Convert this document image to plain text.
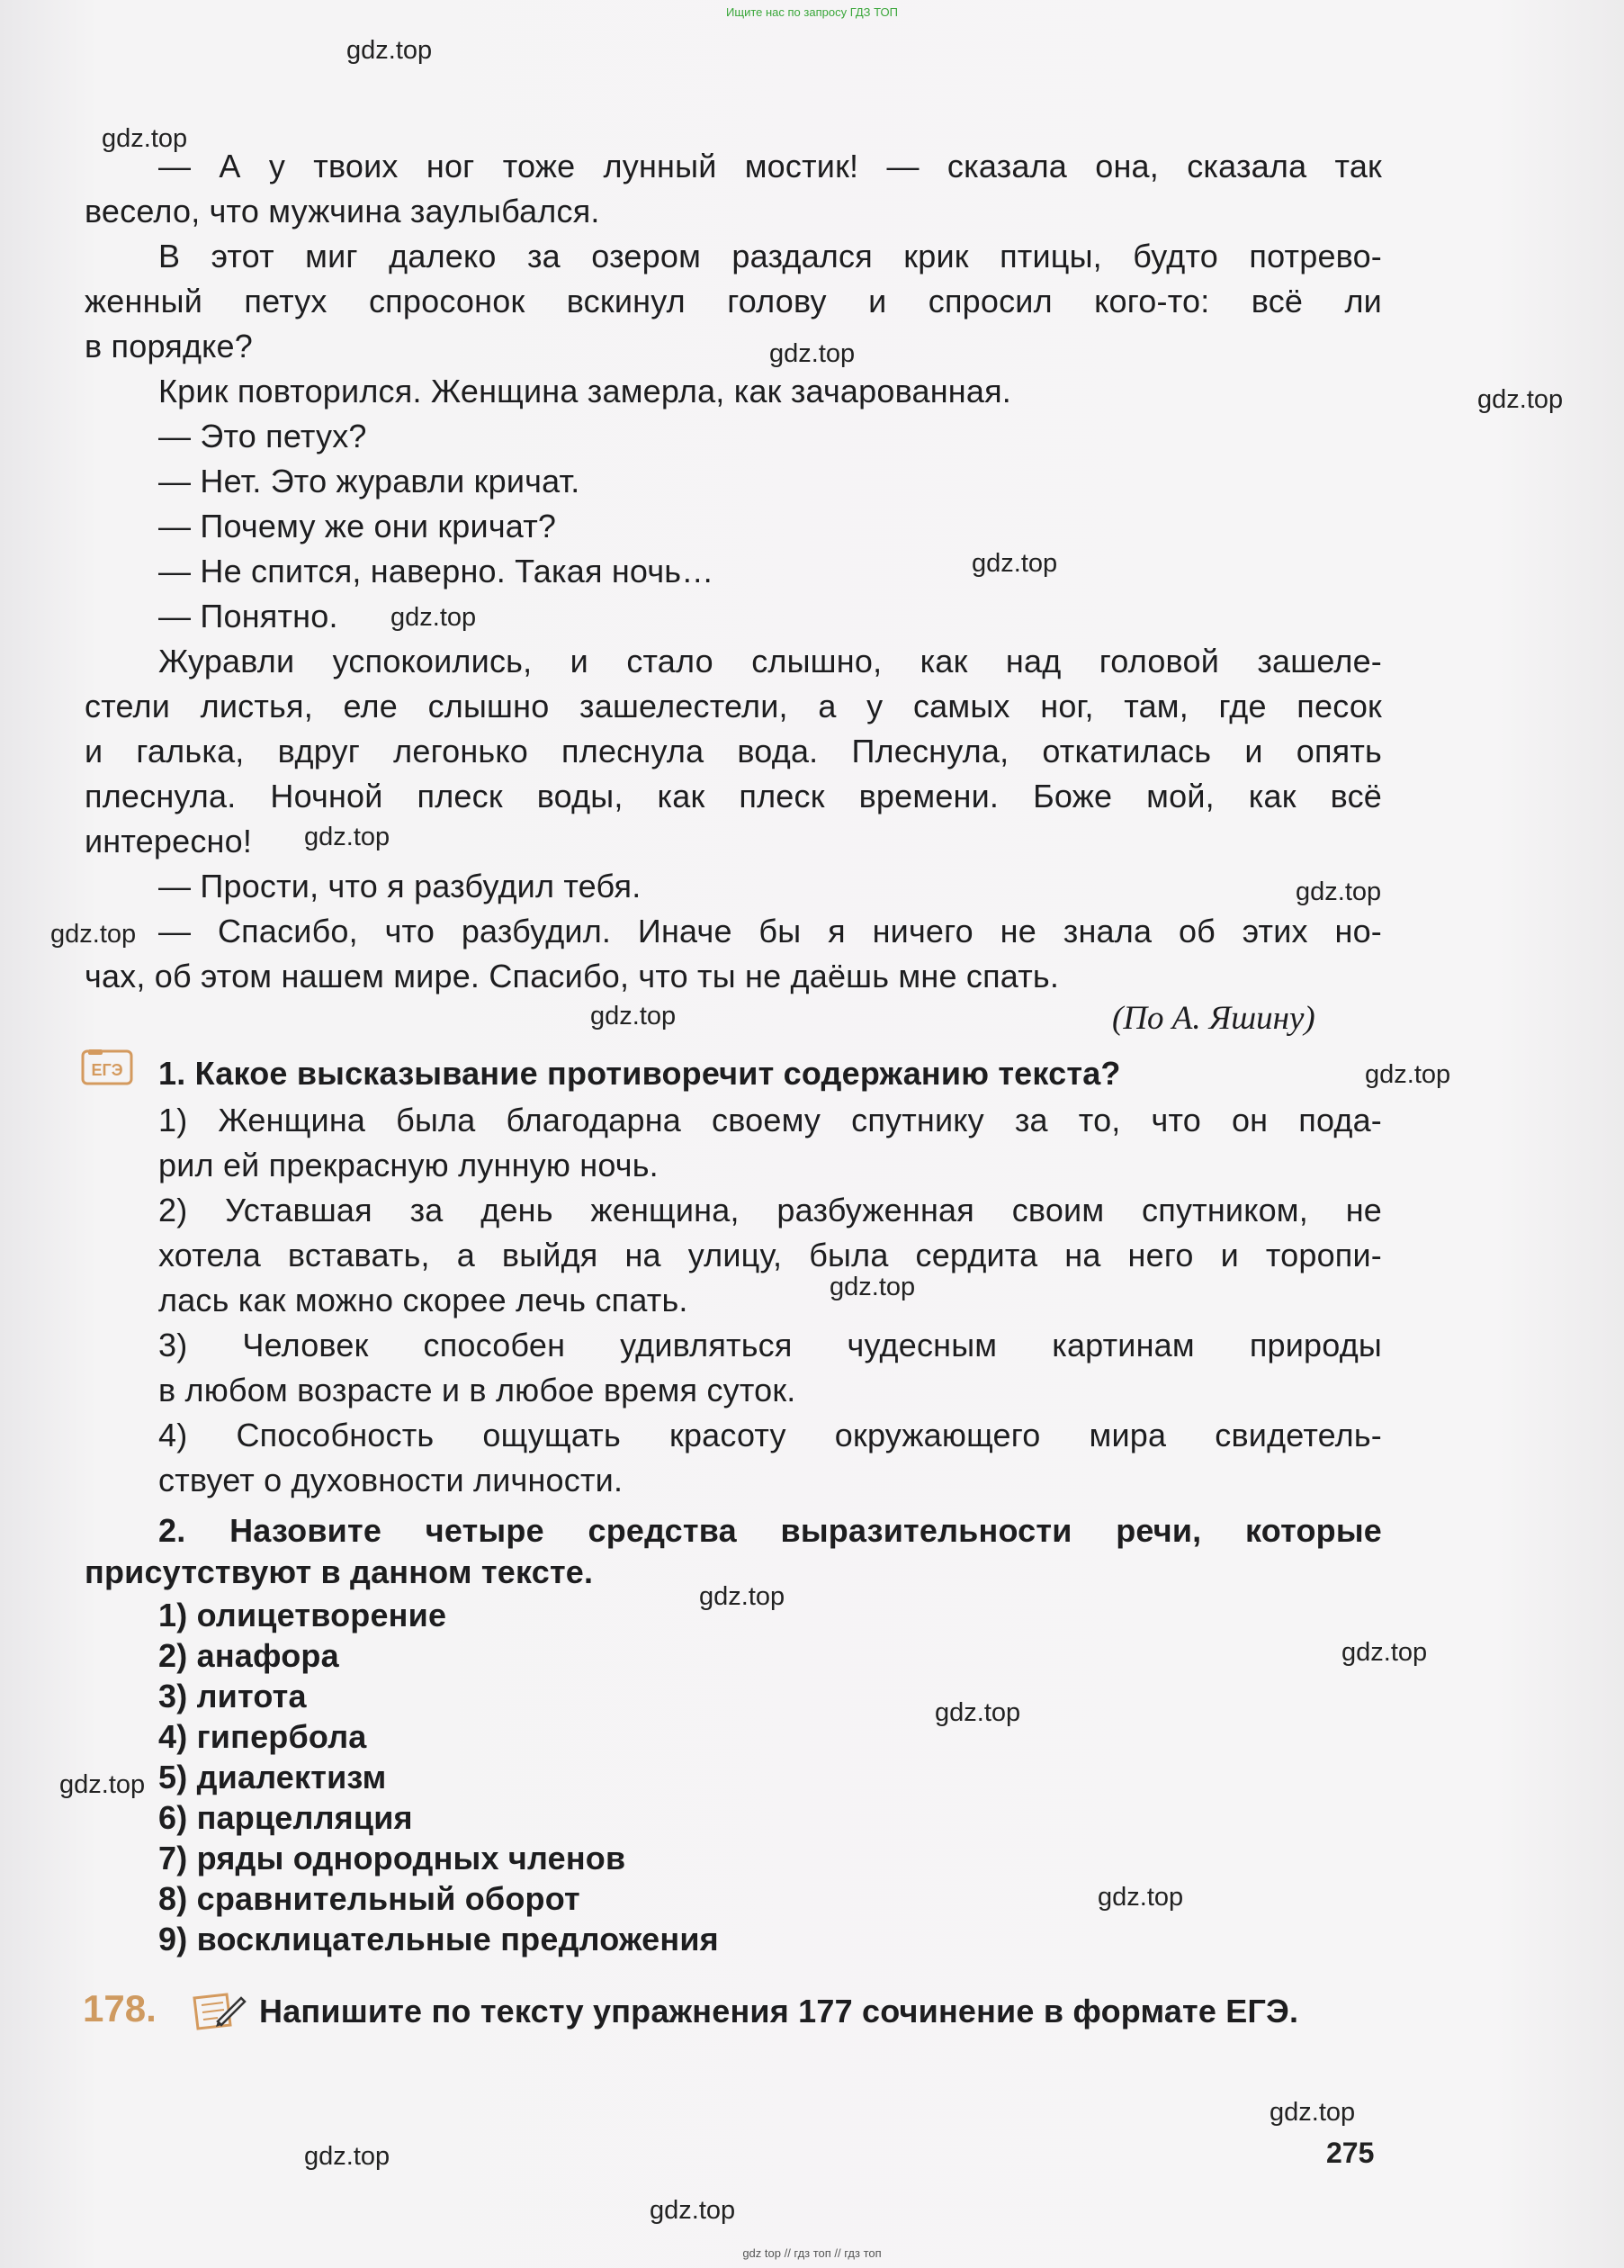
Ищите нас по запросу ГДЗ ТОП
gdz.top
gdz.top
gdz.top
gdz.top
gdz.top
gdz.top
gdz.top
gdz.top
gdz.top
gdz.top
gdz.top
gdz.top
gdz.top
gdz.top
gdz.top
gdz.top
gdz.top
gdz.top
gdz.top
gdz.top
— А у твоих ног тоже лунный мостик! — сказала она, сказала так
весело, что мужчина заулыбался.
В этот миг далеко за озером раздался крик птицы, будто потрево-
женный петух спросонок вскинул голову и спросил кого-то: всё ли
в порядке?
Крик повторился. Женщина замерла, как зачарованная.
— Это петух?
— Нет. Это журавли кричат.
— Почему же они кричат?
— Не спится, наверно. Такая ночь…
— Понятно.
Журавли успокоились, и стало слышно, как над головой зашеле-
стели листья, еле слышно зашелестели, а у самых ног, там, где песок
и галька, вдруг легонько плеснула вода. Плеснула, откатилась и опять
плеснула. Ночной плеск воды, как плеск времени. Боже мой, как всё
интересно!
— Прости, что я разбудил тебя.
— Спасибо, что разбудил. Иначе бы я ничего не знала об этих но-
чах, об этом нашем мире. Спасибо, что ты не даёшь мне спать.
(По А. Яшину)
ЕГЭ 1. Какое высказывание противоречит содержанию текста?
1) Женщина была благодарна своему спутнику за то, что он пода-
рил ей прекрасную лунную ночь.
2) Уставшая за день женщина, разбуженная своим спутником, не
хотела вставать, а выйдя на улицу, была сердита на него и торопи-
лась как можно скорее лечь спать.
3) Человек способен удивляться чудесным картинам природы
в любом возрасте и в любое время суток.
4) Способность ощущать красоту окружающего мира свидетель-
ствует о духовности личности.
2. Назовите четыре средства выразительности речи, которые
присутствуют в данном тексте.
1) олицетворение
2) анафора
3) литота
4) гипербола
5) диалектизм
6) парцелляция
7) ряды однородных членов
8) сравнительный оборот
9) восклицательные предложения
178.	Напишите по тексту упражнения 177 сочинение в формате ЕГЭ.
275
gdz top // гдз топ // гдз топ
